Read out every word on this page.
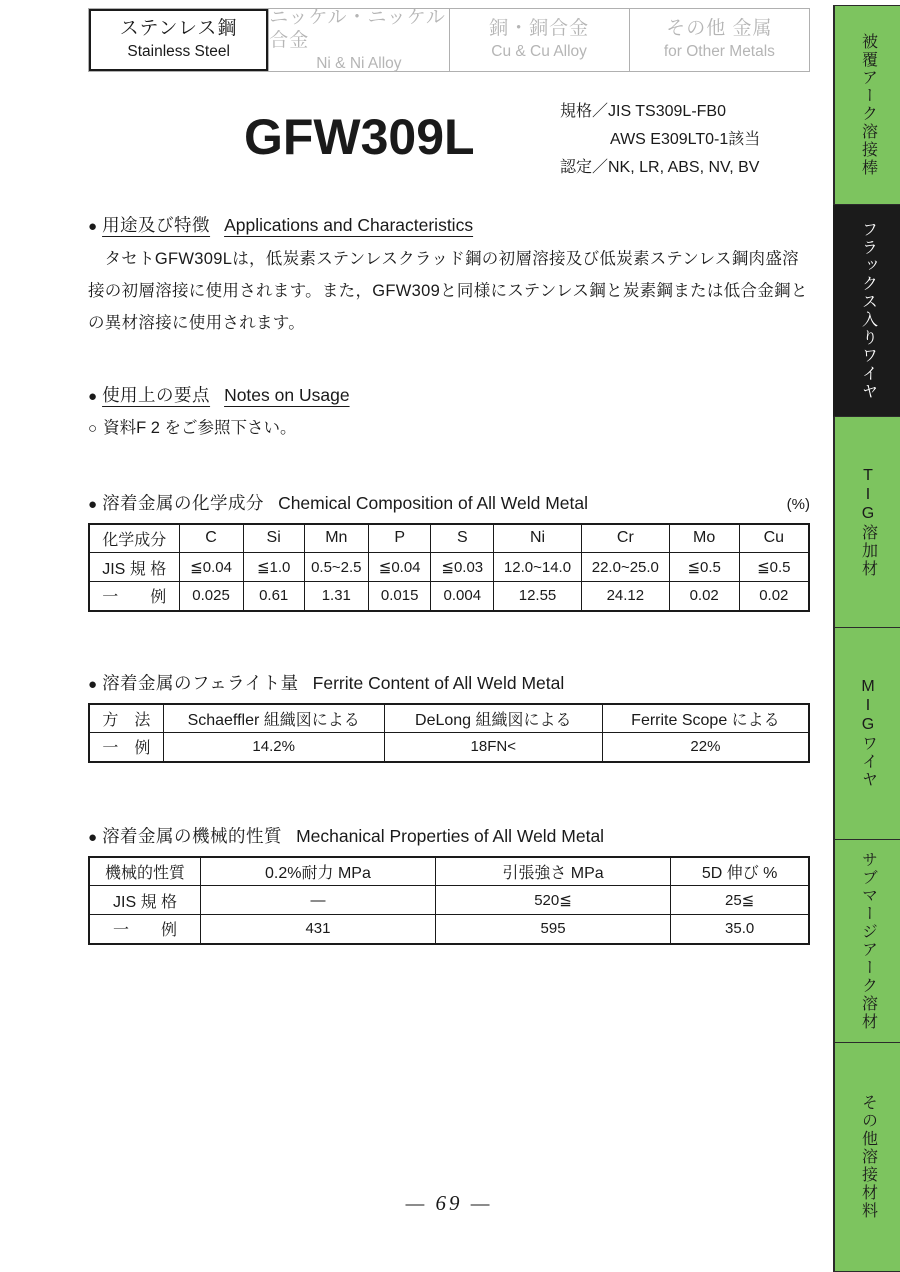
ステンレス鋼
Stainless Steel
ニッケル・ニッケル合金
Ni & Ni Alloy
銅・銅合金
Cu & Cu Alloy
その他 金属
for Other Metals
GFW309L	規格／JIS TS309L-FB0
AWS E309LT0-1該当
認定／NK, LR, ABS, NV, BV
● 用途及び特徴 Applications and Characteristics
タセトGFW309Lは，低炭素ステンレスクラッド鋼の初層溶接及び低炭素ステンレス鋼肉盛溶接の初層溶接に使用されます。また，GFW309と同様にステンレス鋼と炭素鋼または低合金鋼との異材溶接に使用されます。
● 使用上の要点 Notes on Usage
○ 資料F 2 をご参照下さい。
● 溶着金属の化学成分 Chemical Composition of All Weld Metal	(%)
化学成分	C	Si	Mn	P	S	Ni	Cr	Mo	Cu
JIS 規 格	≦0.04	≦1.0	0.5~2.5	≦0.04	≦0.03	12.0~14.0	22.0~25.0	≦0.5	≦0.5
一　　例	0.025	0.61	1.31	0.015	0.004	12.55	24.12	0.02	0.02
● 溶着金属のフェライト量 Ferrite Content of All Weld Metal
方　法	Schaeffler 組織図による	DeLong 組織図による	Ferrite Scope による
一　例	14.2%	18FN<	22%
● 溶着金属の機械的性質 Mechanical Properties of All Weld Metal
機械的性質	0.2%耐力 MPa	引張強さ MPa	5D 伸び %
JIS 規 格	―	520≦	25≦
一　　例	431	595	35.0
— 69 —
被覆アーク溶接棒
フラックス入りワイヤ
TIG溶加材
MIGワイヤ
サブマージアーク溶材
その他溶接材料
